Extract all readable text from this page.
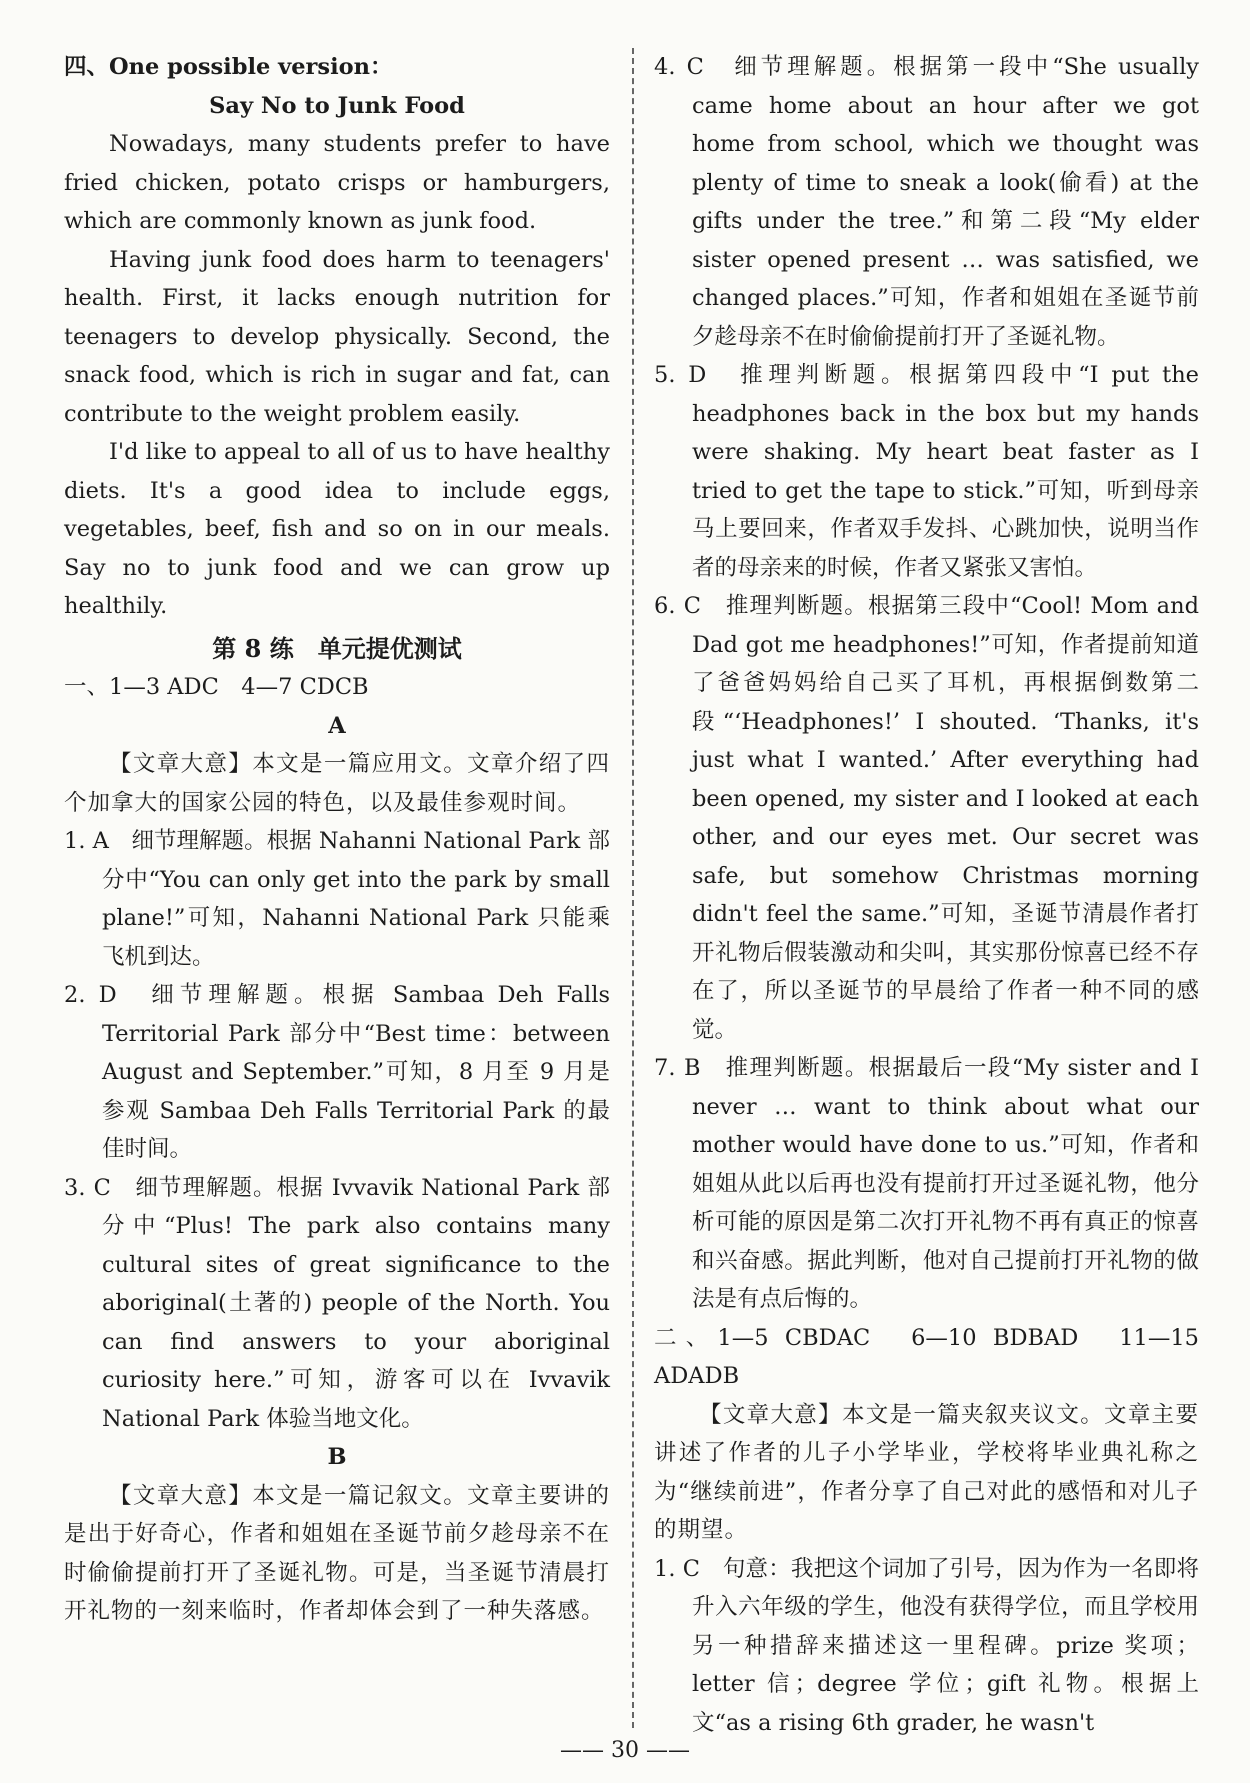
四、One possible version：

Say No to Junk Food

Nowadays, many students prefer to have fried chicken, potato crisps or hamburgers, which are commonly known as junk food.

Having junk food does harm to teenagers' health. First, it lacks enough nutrition for teenagers to develop physically. Second, the snack food, which is rich in sugar and fat, can contribute to the weight problem easily.

I'd like to appeal to all of us to have healthy diets. It's a good idea to include eggs, vegetables, beef, fish and so on in our meals. Say no to junk food and we can grow up healthily.

第 8 练　单元提优测试

一、1—3 ADC　4—7 CDCB

A

【文章大意】本文是一篇应用文。文章介绍了四个加拿大的国家公园的特色，以及最佳参观时间。

1. A　细节理解题。根据 Nahanni National Park 部分中“You can only get into the park by small plane!”可知，Nahanni National Park 只能乘飞机到达。

2. D　细节理解题。根据 Sambaa Deh Falls Territorial Park 部分中“Best time：between August and September.”可知，8 月至 9 月是参观 Sambaa Deh Falls Territorial Park 的最佳时间。

3. C　细节理解题。根据 Ivvavik National Park 部分中“Plus! The park also contains many cultural sites of great significance to the aboriginal(土著的) people of the North. You can find answers to your aboriginal curiosity here.”可知，游客可以在 Ivvavik National Park 体验当地文化。

B

【文章大意】本文是一篇记叙文。文章主要讲的是出于好奇心，作者和姐姐在圣诞节前夕趁母亲不在时偷偷提前打开了圣诞礼物。可是，当圣诞节清晨打开礼物的一刻来临时，作者却体会到了一种失落感。

4. C　细节理解题。根据第一段中“She usually came home about an hour after we got home from school, which we thought was plenty of time to sneak a look(偷看) at the gifts under the tree.”和第二段“My elder sister opened present … was satisfied, we changed places.”可知，作者和姐姐在圣诞节前夕趁母亲不在时偷偷提前打开了圣诞礼物。

5. D　推理判断题。根据第四段中“I put the headphones back in the box but my hands were shaking. My heart beat faster as I tried to get the tape to stick.”可知，听到母亲马上要回来，作者双手发抖、心跳加快，说明当作者的母亲来的时候，作者又紧张又害怕。

6. C　推理判断题。根据第三段中“Cool! Mom and Dad got me headphones!”可知，作者提前知道了爸爸妈妈给自己买了耳机，再根据倒数第二段“‘Headphones!’ I shouted. ‘Thanks, it's just what I wanted.’ After everything had been opened, my sister and I looked at each other, and our eyes met. Our secret was safe, but somehow Christmas morning didn't feel the same.”可知，圣诞节清晨作者打开礼物后假装激动和尖叫，其实那份惊喜已经不存在了，所以圣诞节的早晨给了作者一种不同的感觉。

7. B　推理判断题。根据最后一段“My sister and I never … want to think about what our mother would have done to us.”可知，作者和姐姐从此以后再也没有提前打开过圣诞礼物，他分析可能的原因是第二次打开礼物不再有真正的惊喜和兴奋感。据此判断，他对自己提前打开礼物的做法是有点后悔的。

二、1—5 CBDAC　6—10 BDBAD　11—15 ADADB

【文章大意】本文是一篇夹叙夹议文。文章主要讲述了作者的儿子小学毕业，学校将毕业典礼称之为“继续前进”，作者分享了自己对此的感悟和对儿子的期望。

1. C　句意：我把这个词加了引号，因为作为一名即将升入六年级的学生，他没有获得学位，而且学校用另一种措辞来描述这一里程碑。prize 奖项；letter 信；degree 学位；gift 礼物。根据上文“as a rising 6th grader, he wasn't

—— 30 ——
